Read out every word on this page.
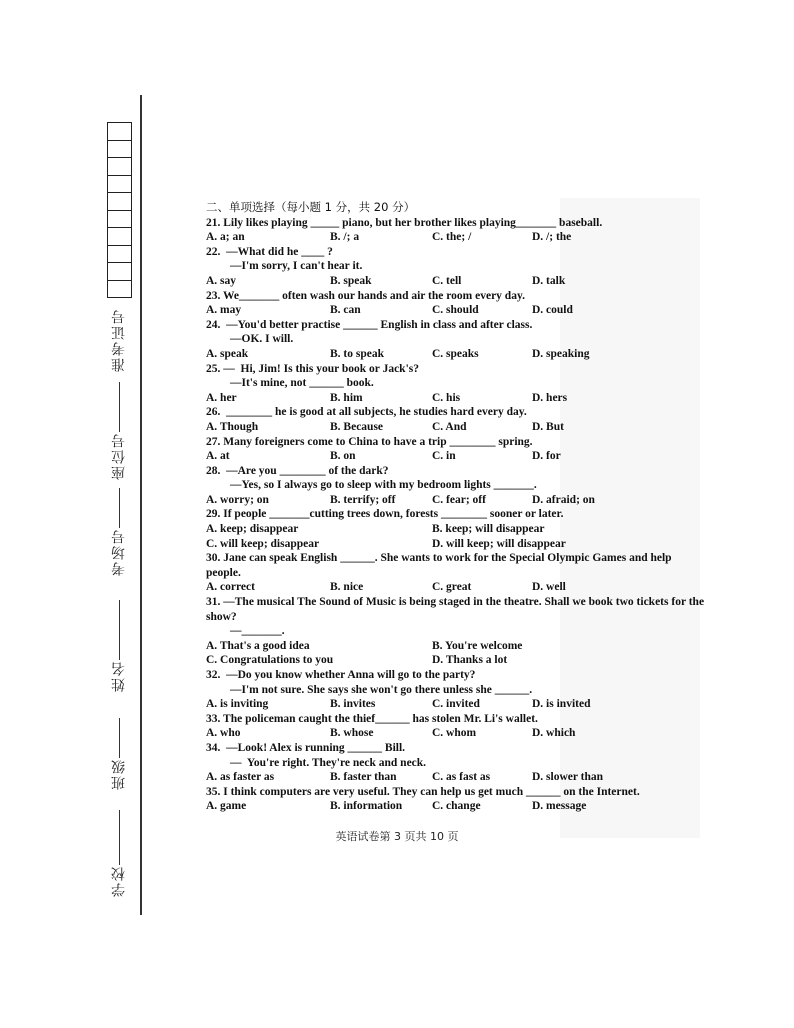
准考证号
座位号
考场号
姓名
班级
学校
二、单项选择（每小题 1 分，共 20 分）
21. Lily likes playing _____ piano, but her brother likes playing_______ baseball.
A. a; an	B. /; a	C. the; /	D. /; the
22.  —What did he ____ ?
—I'm sorry, I can't hear it.
A. say	B. speak	C. tell	D. talk
23. We_______ often wash our hands and air the room every day.
A. may	B. can	C. should	D. could
24.  —You'd better practise ______ English in class and after class.
—OK. I will.
A. speak	B. to speak	C. speaks	D. speaking
25. —  Hi, Jim! Is this your book or Jack's?
—It's mine, not ______ book.
A. her	B. him	C. his	D. hers
26.  ________ he is good at all subjects, he studies hard every day.
A. Though	B. Because	C. And	D. But
27. Many foreigners come to China to have a trip ________ spring.
A. at	B. on	C. in	D. for
28.  —Are you ________ of the dark?
—Yes, so I always go to sleep with my bedroom lights _______.
A. worry; on	B. terrify; off	C. fear; off	D. afraid; on
29. If people _______cutting trees down, forests ________ sooner or later.
A. keep; disappear	B. keep; will disappear
C. will keep; disappear	D. will keep; will disappear
30. Jane can speak English ______. She wants to work for the Special Olympic Games and help people.
A. correct	B. nice	C. great	D. well
31. —The musical The Sound of Music is being staged in the theatre. Shall we book two tickets for the show?
—_______.
A. That's a good idea	B. You're welcome
C. Congratulations to you	D. Thanks a lot
32.  —Do you know whether Anna will go to the party?
—I'm not sure. She says she won't go there unless she ______.
A. is inviting	B. invites	C. invited	D. is invited
33. The policeman caught the thief______ has stolen Mr. Li's wallet.
A. who	B. whose	C. whom	D. which
34.  —Look! Alex is running ______ Bill.
—  You're right. They're neck and neck.
A. as faster as	B. faster than	C. as fast as	D. slower than
35. I think computers are very useful. They can help us get much ______ on the Internet.
A. game	B. information	C. change	D. message
英语试卷第 3 页共 10 页
